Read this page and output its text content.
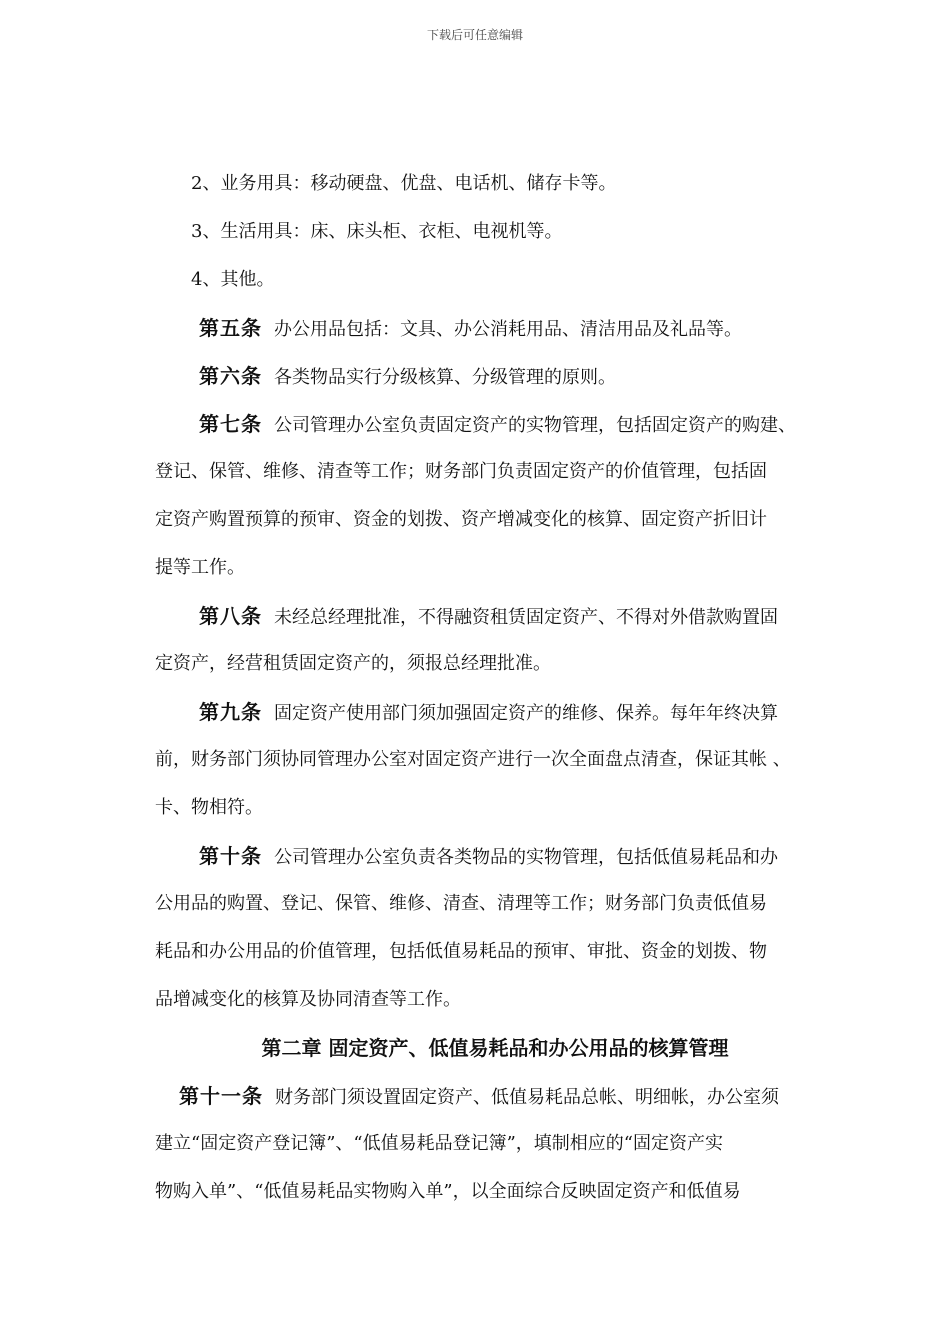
下载后可任意编辑
2、业务用具：移动硬盘、优盘、电话机、储存卡等。
3、生活用具：床、床头柜、衣柜、电视机等。
4、其他。
第五条 办公用品包括：文具、办公消耗用品、清洁用品及礼品等。
第六条 各类物品实行分级核算、分级管理的原则。
第七条 公司管理办公室负责固定资产的实物管理，包括固定资产的购建、
登记、保管、维修、清查等工作；财务部门负责固定资产的价值管理，包括固
定资产购置预算的预审、资金的划拨、资产增减变化的核算、固定资产折旧计
提等工作。
第八条 未经总经理批准，不得融资租赁固定资产、不得对外借款购置固
定资产，经营租赁固定资产的，须报总经理批准。
第九条 固定资产使用部门须加强固定资产的维修、保养。每年年终决算
前，财务部门须协同管理办公室对固定资产进行一次全面盘点清查，保证其帐 、
卡、物相符。
第十条 公司管理办公室负责各类物品的实物管理，包括低值易耗品和办
公用品的购置、登记、保管、维修、清查、清理等工作；财务部门负责低值易
耗品和办公用品的价值管理，包括低值易耗品的预审、审批、资金的划拨、物
品增减变化的核算及协同清查等工作。
第二章 固定资产、低值易耗品和办公用品的核算管理
第十一条 财务部门须设置固定资产、低值易耗品总帐、明细帐，办公室须
建立“固定资产登记簿”、“低值易耗品登记簿”，填制相应的“固定资产实
物购入单”、“低值易耗品实物购入单”，以全面综合反映固定资产和低值易
